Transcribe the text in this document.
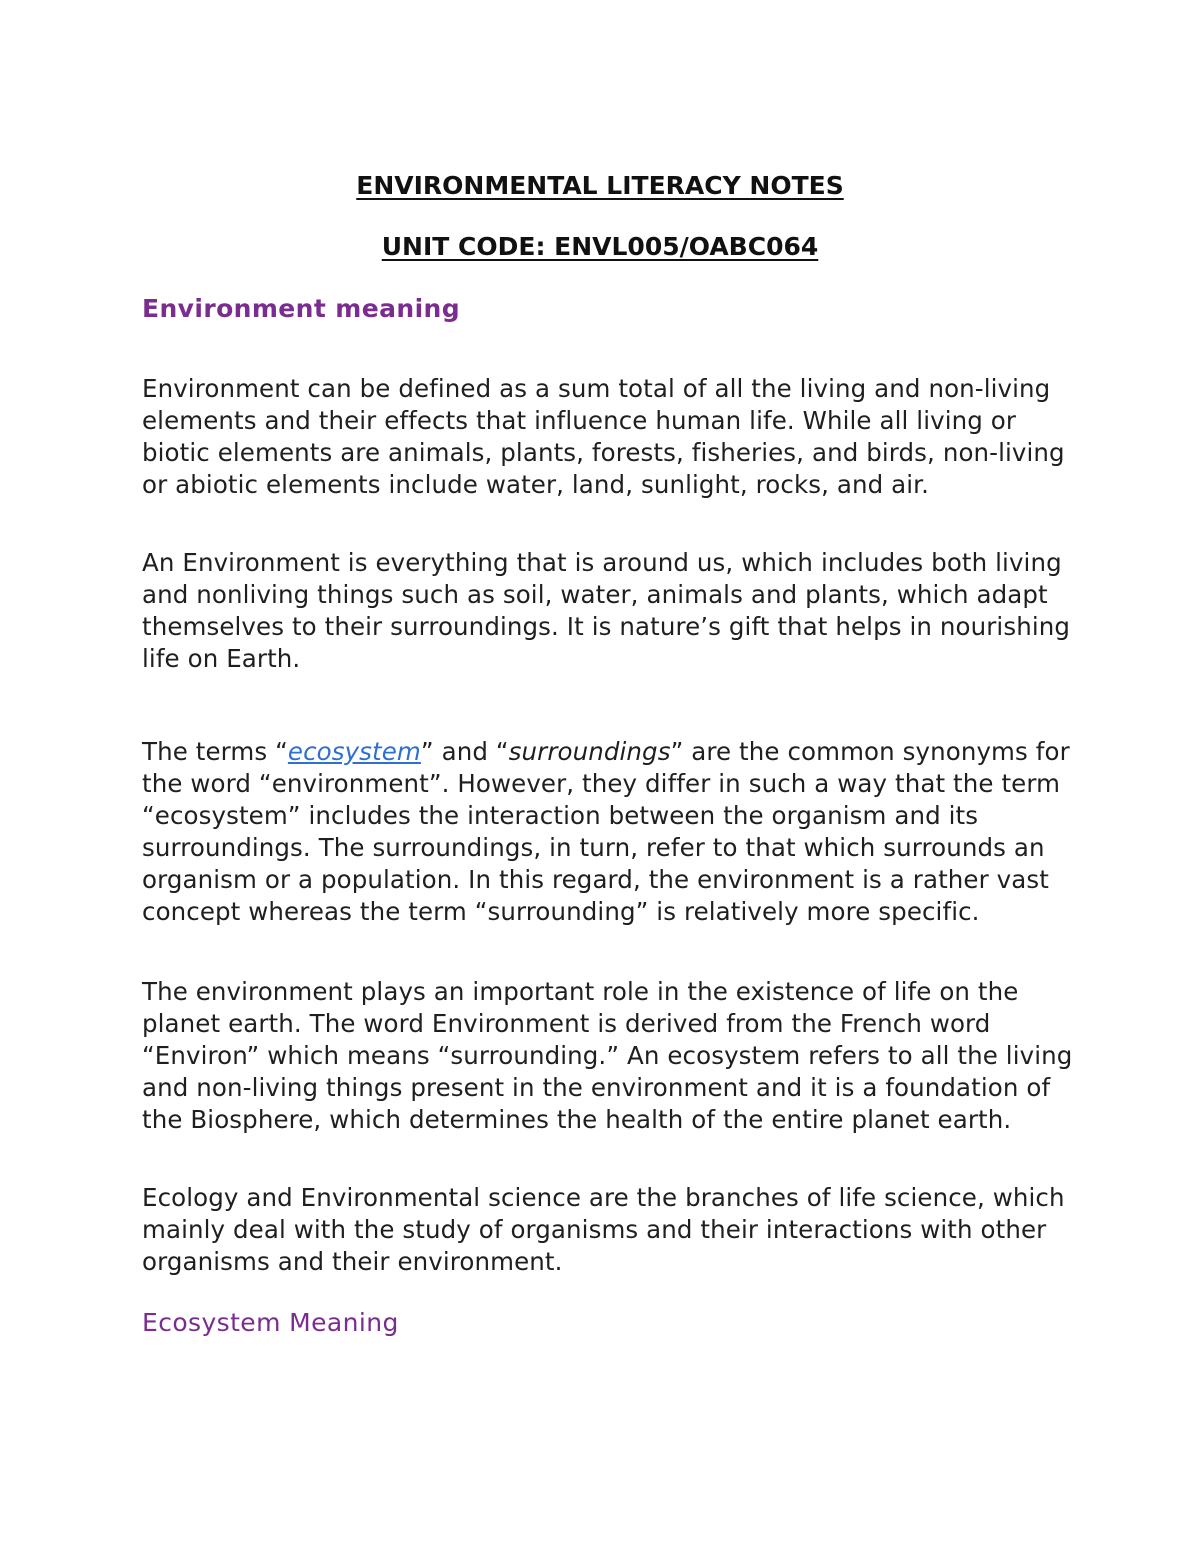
ENVIRONMENTAL LITERACY NOTES
UNIT CODE: ENVL005/OABC064
Environment meaning

Environment can be defined as a sum total of all the living and non-living elements and their effects that influence human life. While all living or biotic elements are animals, plants, forests, fisheries, and birds, non-living or abiotic elements include water, land, sunlight, rocks, and air.

An Environment is everything that is around us, which includes both living and nonliving things such as soil, water, animals and plants, which adapt themselves to their surroundings. It is nature’s gift that helps in nourishing life on Earth.

The terms “ecosystem” and “surroundings” are the common synonyms for the word “environment”. However, they differ in such a way that the term “ecosystem” includes the interaction between the organism and its surroundings. The surroundings, in turn, refer to that which surrounds an organism or a population. In this regard, the environment is a rather vast concept whereas the term “surrounding” is relatively more specific.

The environment plays an important role in the existence of life on the planet earth. The word Environment is derived from the French word “Environ” which means “surrounding.” An ecosystem refers to all the living and non-living things present in the environment and it is a foundation of the Biosphere, which determines the health of the entire planet earth.

Ecology and Environmental science are the branches of life science, which mainly deal with the study of organisms and their interactions with other organisms and their environment.

Ecosystem Meaning
